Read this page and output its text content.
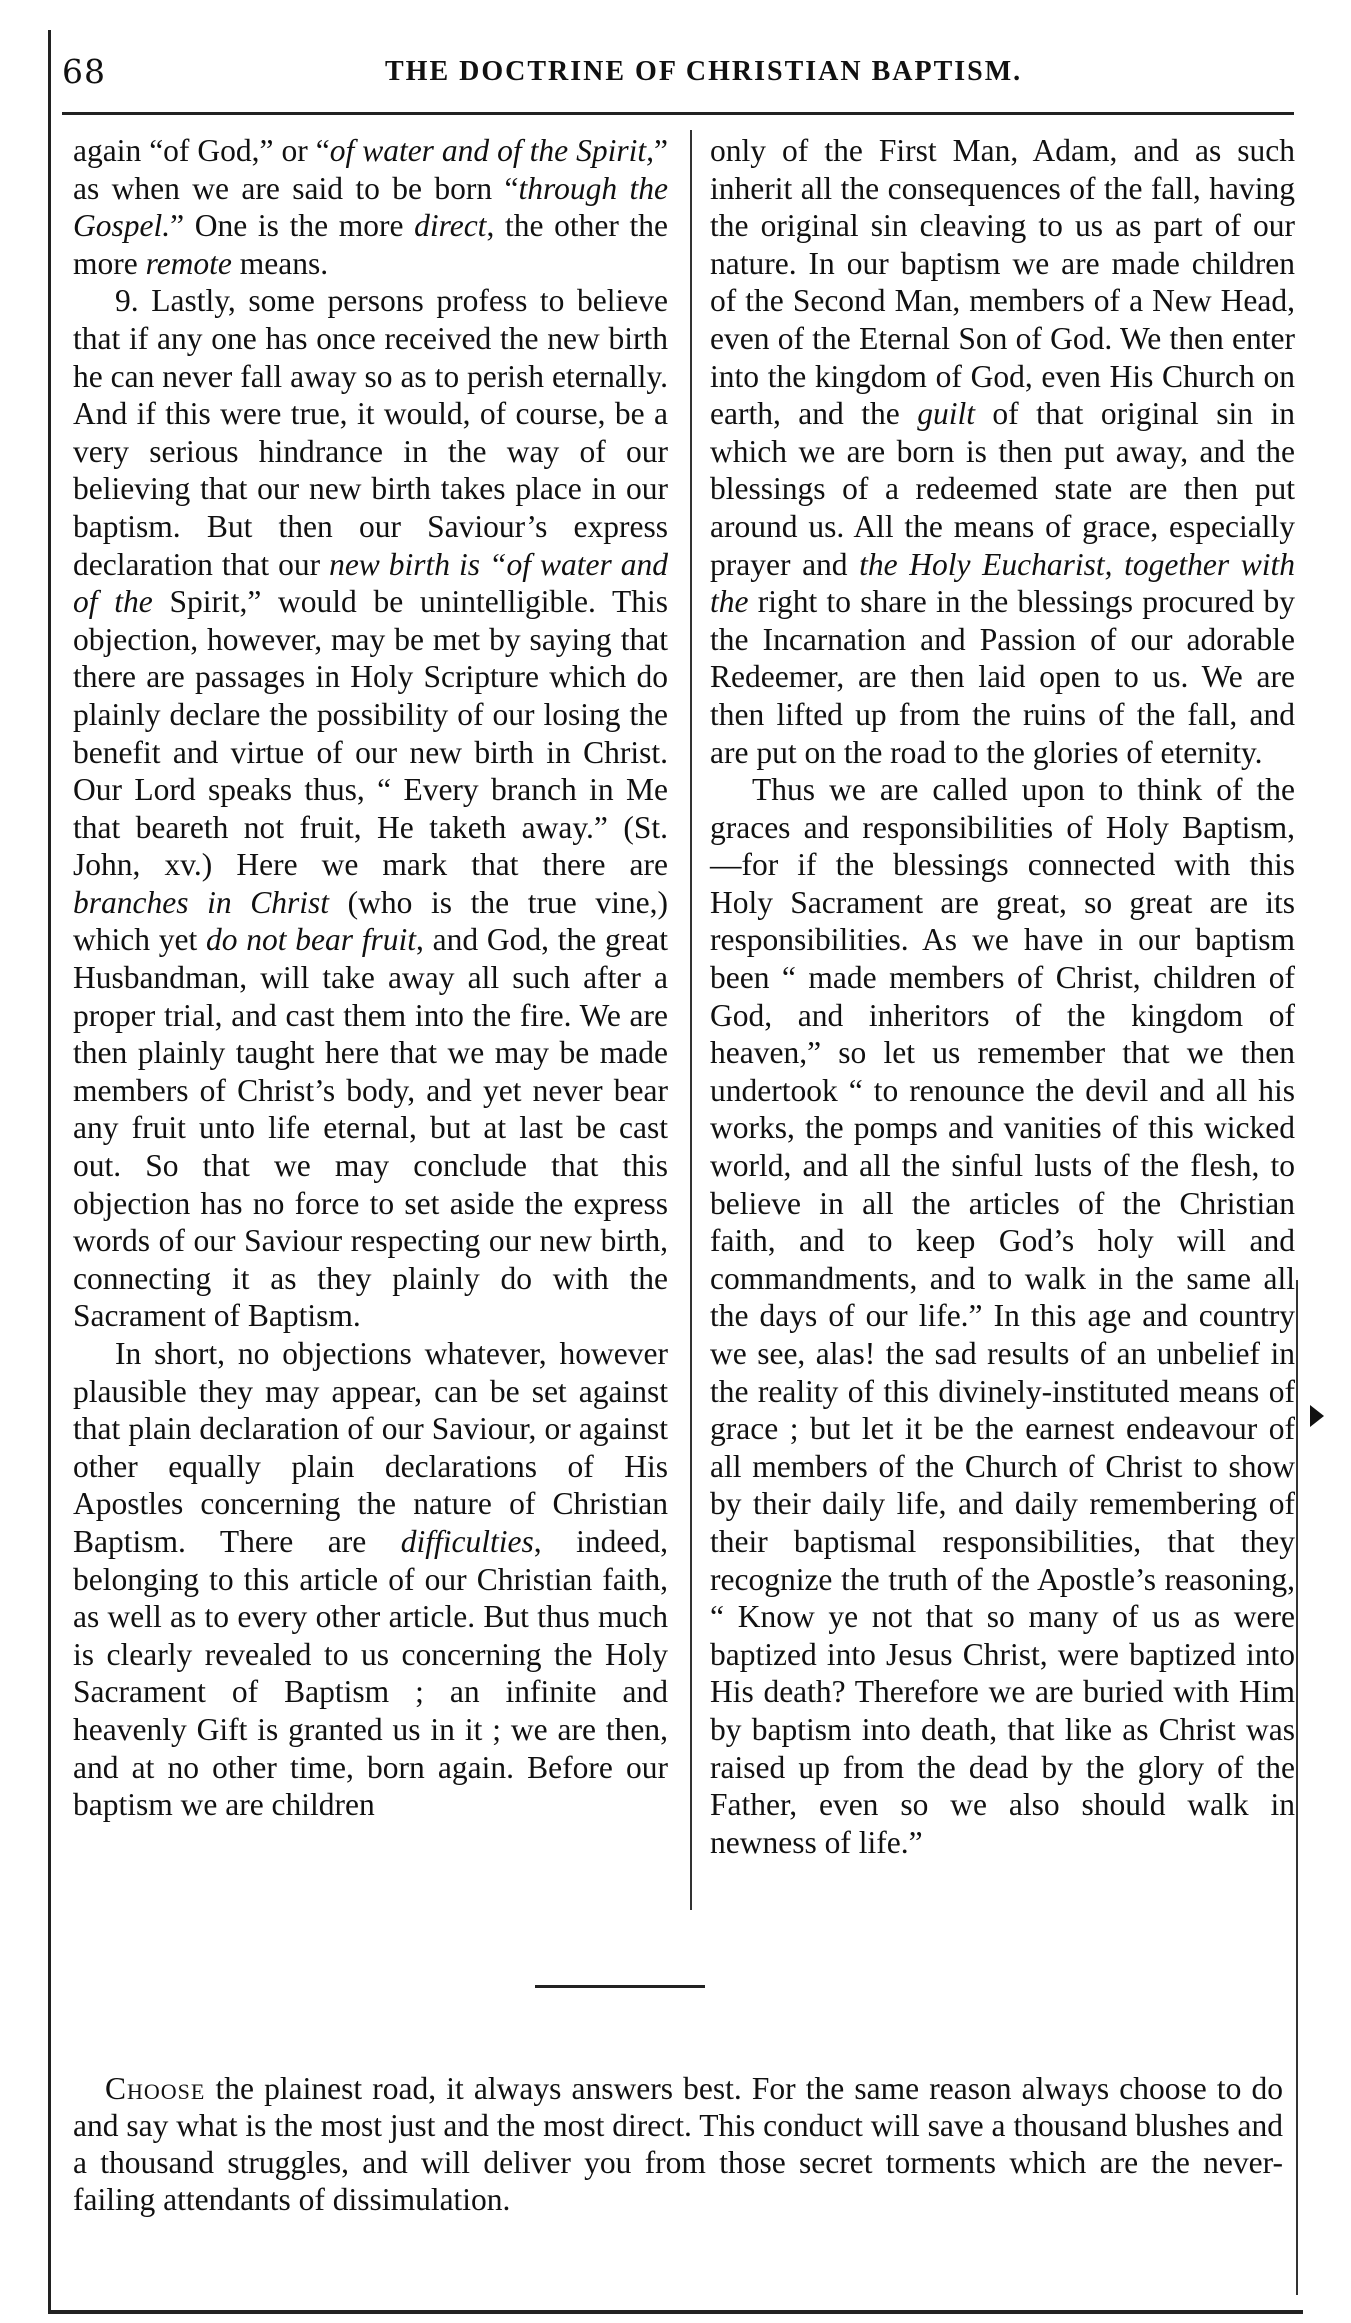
68	THE DOCTRINE OF CHRISTIAN BAPTISM.

again “of God,” or “of water and of the Spirit,” as when we are said to be born “through the Gospel.” One is the more direct, the other the more remote means.

9. Lastly, some persons profess to believe that if any one has once received the new birth he can never fall away so as to perish eternally. And if this were true, it would, of course, be a very serious hindrance in the way of our believing that our new birth takes place in our baptism. But then our Saviour’s express declaration that our new birth is “of water and of the Spirit,” would be unintelligible. This objection, however, may be met by saying that there are passages in Holy Scripture which do plainly declare the possibility of our losing the benefit and virtue of our new birth in Christ. Our Lord speaks thus, “ Every branch in Me that beareth not fruit, He taketh away.” (St. John, xv.) Here we mark that there are branches in Christ (who is the true vine,) which yet do not bear fruit, and God, the great Husbandman, will take away all such after a proper trial, and cast them into the fire. We are then plainly taught here that we may be made members of Christ’s body, and yet never bear any fruit unto life eternal, but at last be cast out. So that we may conclude that this objection has no force to set aside the express words of our Saviour respecting our new birth, connecting it as they plainly do with the Sacrament of Baptism.

In short, no objections whatever, however plausible they may appear, can be set against that plain declaration of our Saviour, or against other equally plain declarations of His Apostles concerning the nature of Christian Baptism. There are difficulties, indeed, belonging to this article of our Christian faith, as well as to every other article. But thus much is clearly revealed to us concerning the Holy Sacrament of Baptism ; an infinite and heavenly Gift is granted us in it ; we are then, and at no other time, born again. Before our baptism we are children

only of the First Man, Adam, and as such inherit all the consequences of the fall, having the original sin cleaving to us as part of our nature. In our baptism we are made children of the Second Man, members of a New Head, even of the Eternal Son of God. We then enter into the kingdom of God, even His Church on earth, and the guilt of that original sin in which we are born is then put away, and the blessings of a redeemed state are then put around us. All the means of grace, especially prayer and the Holy Eucharist, together with the right to share in the blessings procured by the Incarnation and Passion of our adorable Redeemer, are then laid open to us. We are then lifted up from the ruins of the fall, and are put on the road to the glories of eternity.

Thus we are called upon to think of the graces and responsibilities of Holy Baptism,—for if the blessings connected with this Holy Sacrament are great, so great are its responsibilities. As we have in our baptism been “ made members of Christ, children of God, and inheritors of the kingdom of heaven,” so let us remember that we then undertook “ to renounce the devil and all his works, the pomps and vanities of this wicked world, and all the sinful lusts of the flesh, to believe in all the articles of the Christian faith, and to keep God’s holy will and commandments, and to walk in the same all the days of our life.” In this age and country we see, alas! the sad results of an unbelief in the reality of this divinely-instituted means of grace ; but let it be the earnest endeavour of all members of the Church of Christ to show by their daily life, and daily remembering of their baptismal responsibilities, that they recognize the truth of the Apostle’s reasoning, “ Know ye not that so many of us as were baptized into Jesus Christ, were baptized into His death? Therefore we are buried with Him by baptism into death, that like as Christ was raised up from the dead by the glory of the Father, even so we also should walk in newness of life.”

Choose the plainest road, it always answers best. For the same reason always choose to do and say what is the most just and the most direct. This conduct will save a thousand blushes and a thousand struggles, and will deliver you from those secret torments which are the never-failing attendants of dissimulation.
